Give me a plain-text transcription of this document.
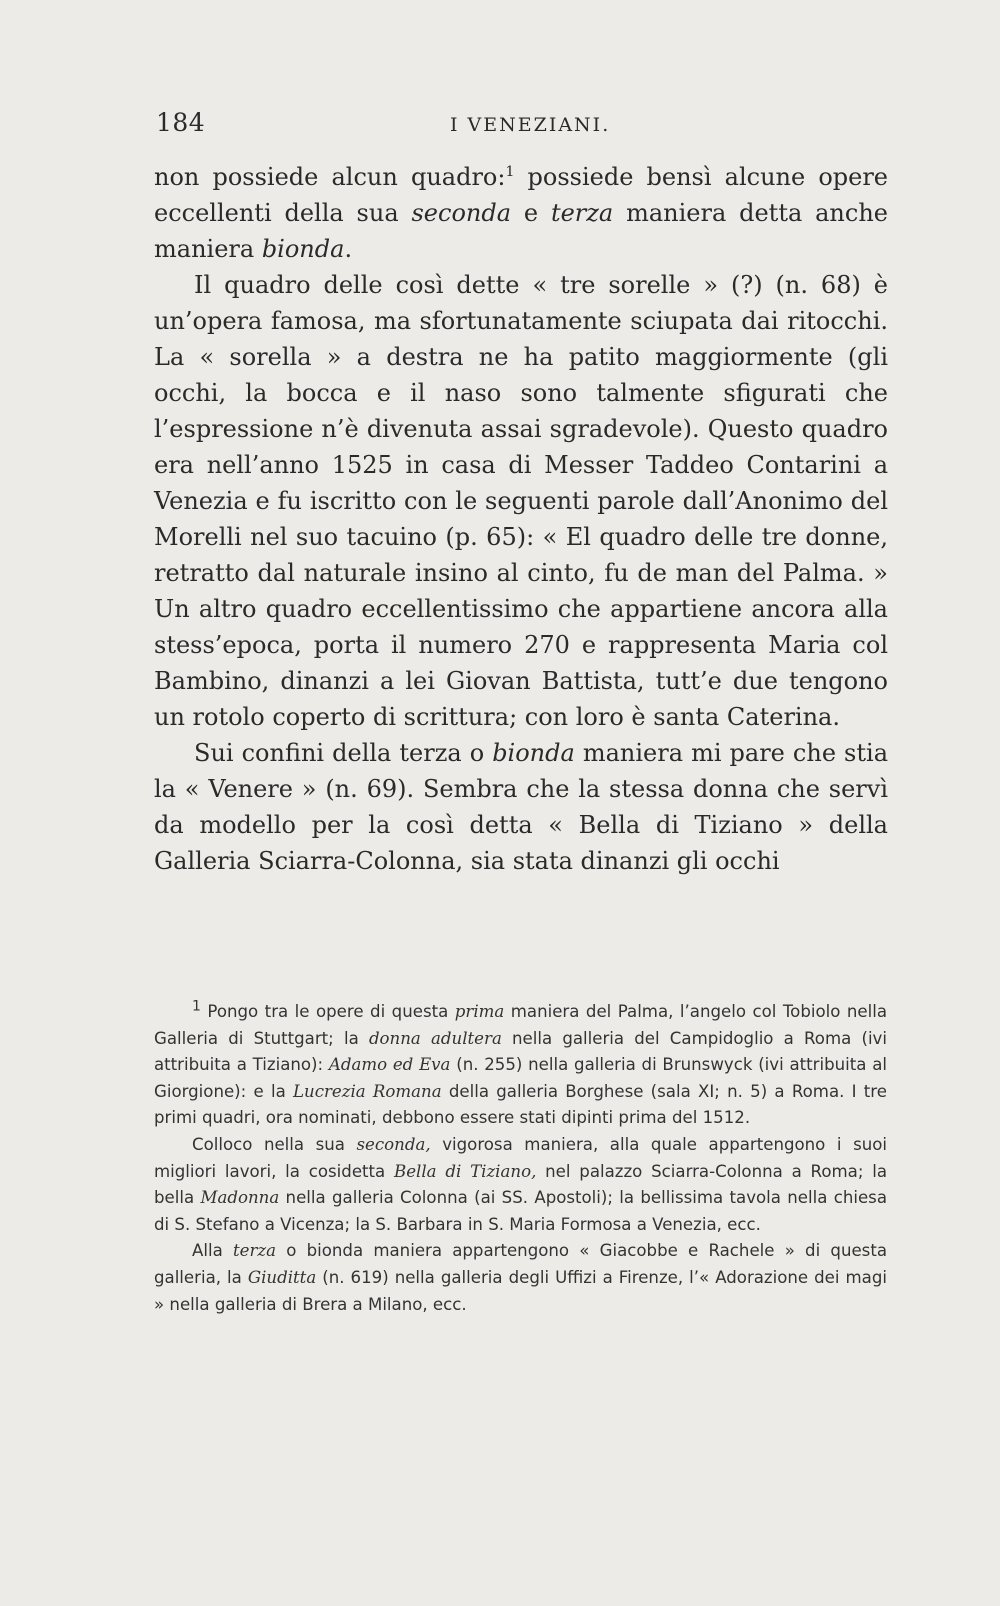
184	I VENEZIANI.

non possiede alcun quadro:$^1$ possiede bensì alcune opere eccellenti della sua seconda e terza maniera detta anche maniera bionda.

Il quadro delle così dette « tre sorelle » (?) (n. 68) è un’opera famosa, ma sfortunatamente sciupata dai ritocchi. La « sorella » a destra ne ha patito maggiormente (gli occhi, la bocca e il naso sono talmente sfigurati che l’espressione n’è divenuta assai sgradevole). Questo quadro era nell’anno 1525 in casa di Messer Taddeo Contarini a Venezia e fu iscritto con le seguenti parole dall’Anonimo del Morelli nel suo tacuino (p. 65): « El quadro delle tre donne, retratto dal naturale insino al cinto, fu de man del Palma. » Un altro quadro eccellentissimo che appartiene ancora alla stess’epoca, porta il numero 270 e rappresenta Maria col Bambino, dinanzi a lei Giovan Battista, tutt’e due tengono un rotolo coperto di scrittura; con loro è santa Caterina.

Sui confini della terza o bionda maniera mi pare che stia la « Venere » (n. 69). Sembra che la stessa donna che servì da modello per la così detta « Bella di Tiziano » della Galleria Sciarra-Colonna, sia stata dinanzi gli occhi

$^1$ Pongo tra le opere di questa prima maniera del Palma, l’angelo col Tobiolo nella Galleria di Stuttgart; la donna adultera nella galleria del Campidoglio a Roma (ivi attribuita a Tiziano): Adamo ed Eva (n. 255) nella galleria di Brunswyck (ivi attribuita al Giorgione): e la Lucrezia Romana della galleria Borghese (sala XI; n. 5) a Roma. I tre primi quadri, ora nominati, debbono essere stati dipinti prima del 1512.

Colloco nella sua seconda, vigorosa maniera, alla quale appartengono i suoi migliori lavori, la cosidetta Bella di Tiziano, nel palazzo Sciarra-Colonna a Roma; la bella Madonna nella galleria Colonna (ai SS. Apostoli); la bellissima tavola nella chiesa di S. Stefano a Vicenza; la S. Barbara in S. Maria Formosa a Venezia, ecc.

Alla terza o bionda maniera appartengono « Giacobbe e Rachele » di questa galleria, la Giuditta (n. 619) nella galleria degli Uffizi a Firenze, l’« Adorazione dei magi » nella galleria di Brera a Milano, ecc.
